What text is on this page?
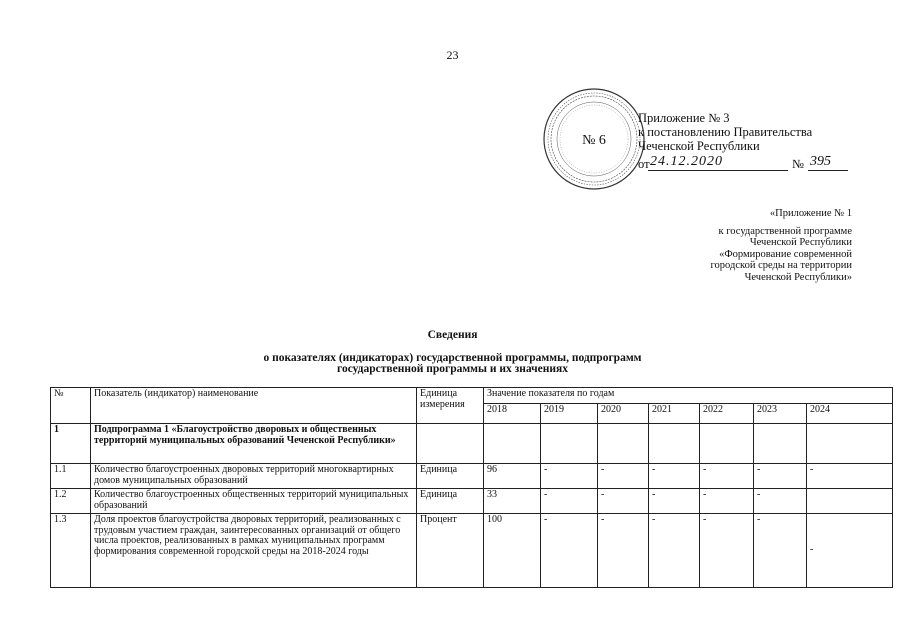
23
№ 6
Приложение № 3
к постановлению Правительства
Чеченской Республики
от 24.12.2020	№ 395
«Приложение № 1
к государственной программе
Чеченской Республики
«Формирование современной
городской среды на территории
Чеченской Республики»
Сведения
о показателях (индикаторах) государственной программы, подпрограмм
государственной программы и их значениях
№	Показатель (индикатор) наименование	Единица измерения	Значение показателя по годам						
			2018	2019	2020	2021	2022	2023	2024
1	Подпрограмма 1 «Благоустройство дворовых и общественных территорий муниципальных образований Чеченской Республики»								
1.1	Количество благоустроенных дворовых территорий многоквартирных домов муниципальных образований	Единица	96	-	-	-	-	-	-
1.2	Количество благоустроенных общественных территорий муниципальных образований	Единица	33	-	-	-	-	-	
1.3	Доля проектов благоустройства дворовых территорий, реализованных с трудовым участием граждан, заинтересованных организаций от общего числа проектов, реализованных в рамках муниципальных программ формирования современной городской среды на 2018-2024 годы	Процент	100	-	-	-	-	-	-
